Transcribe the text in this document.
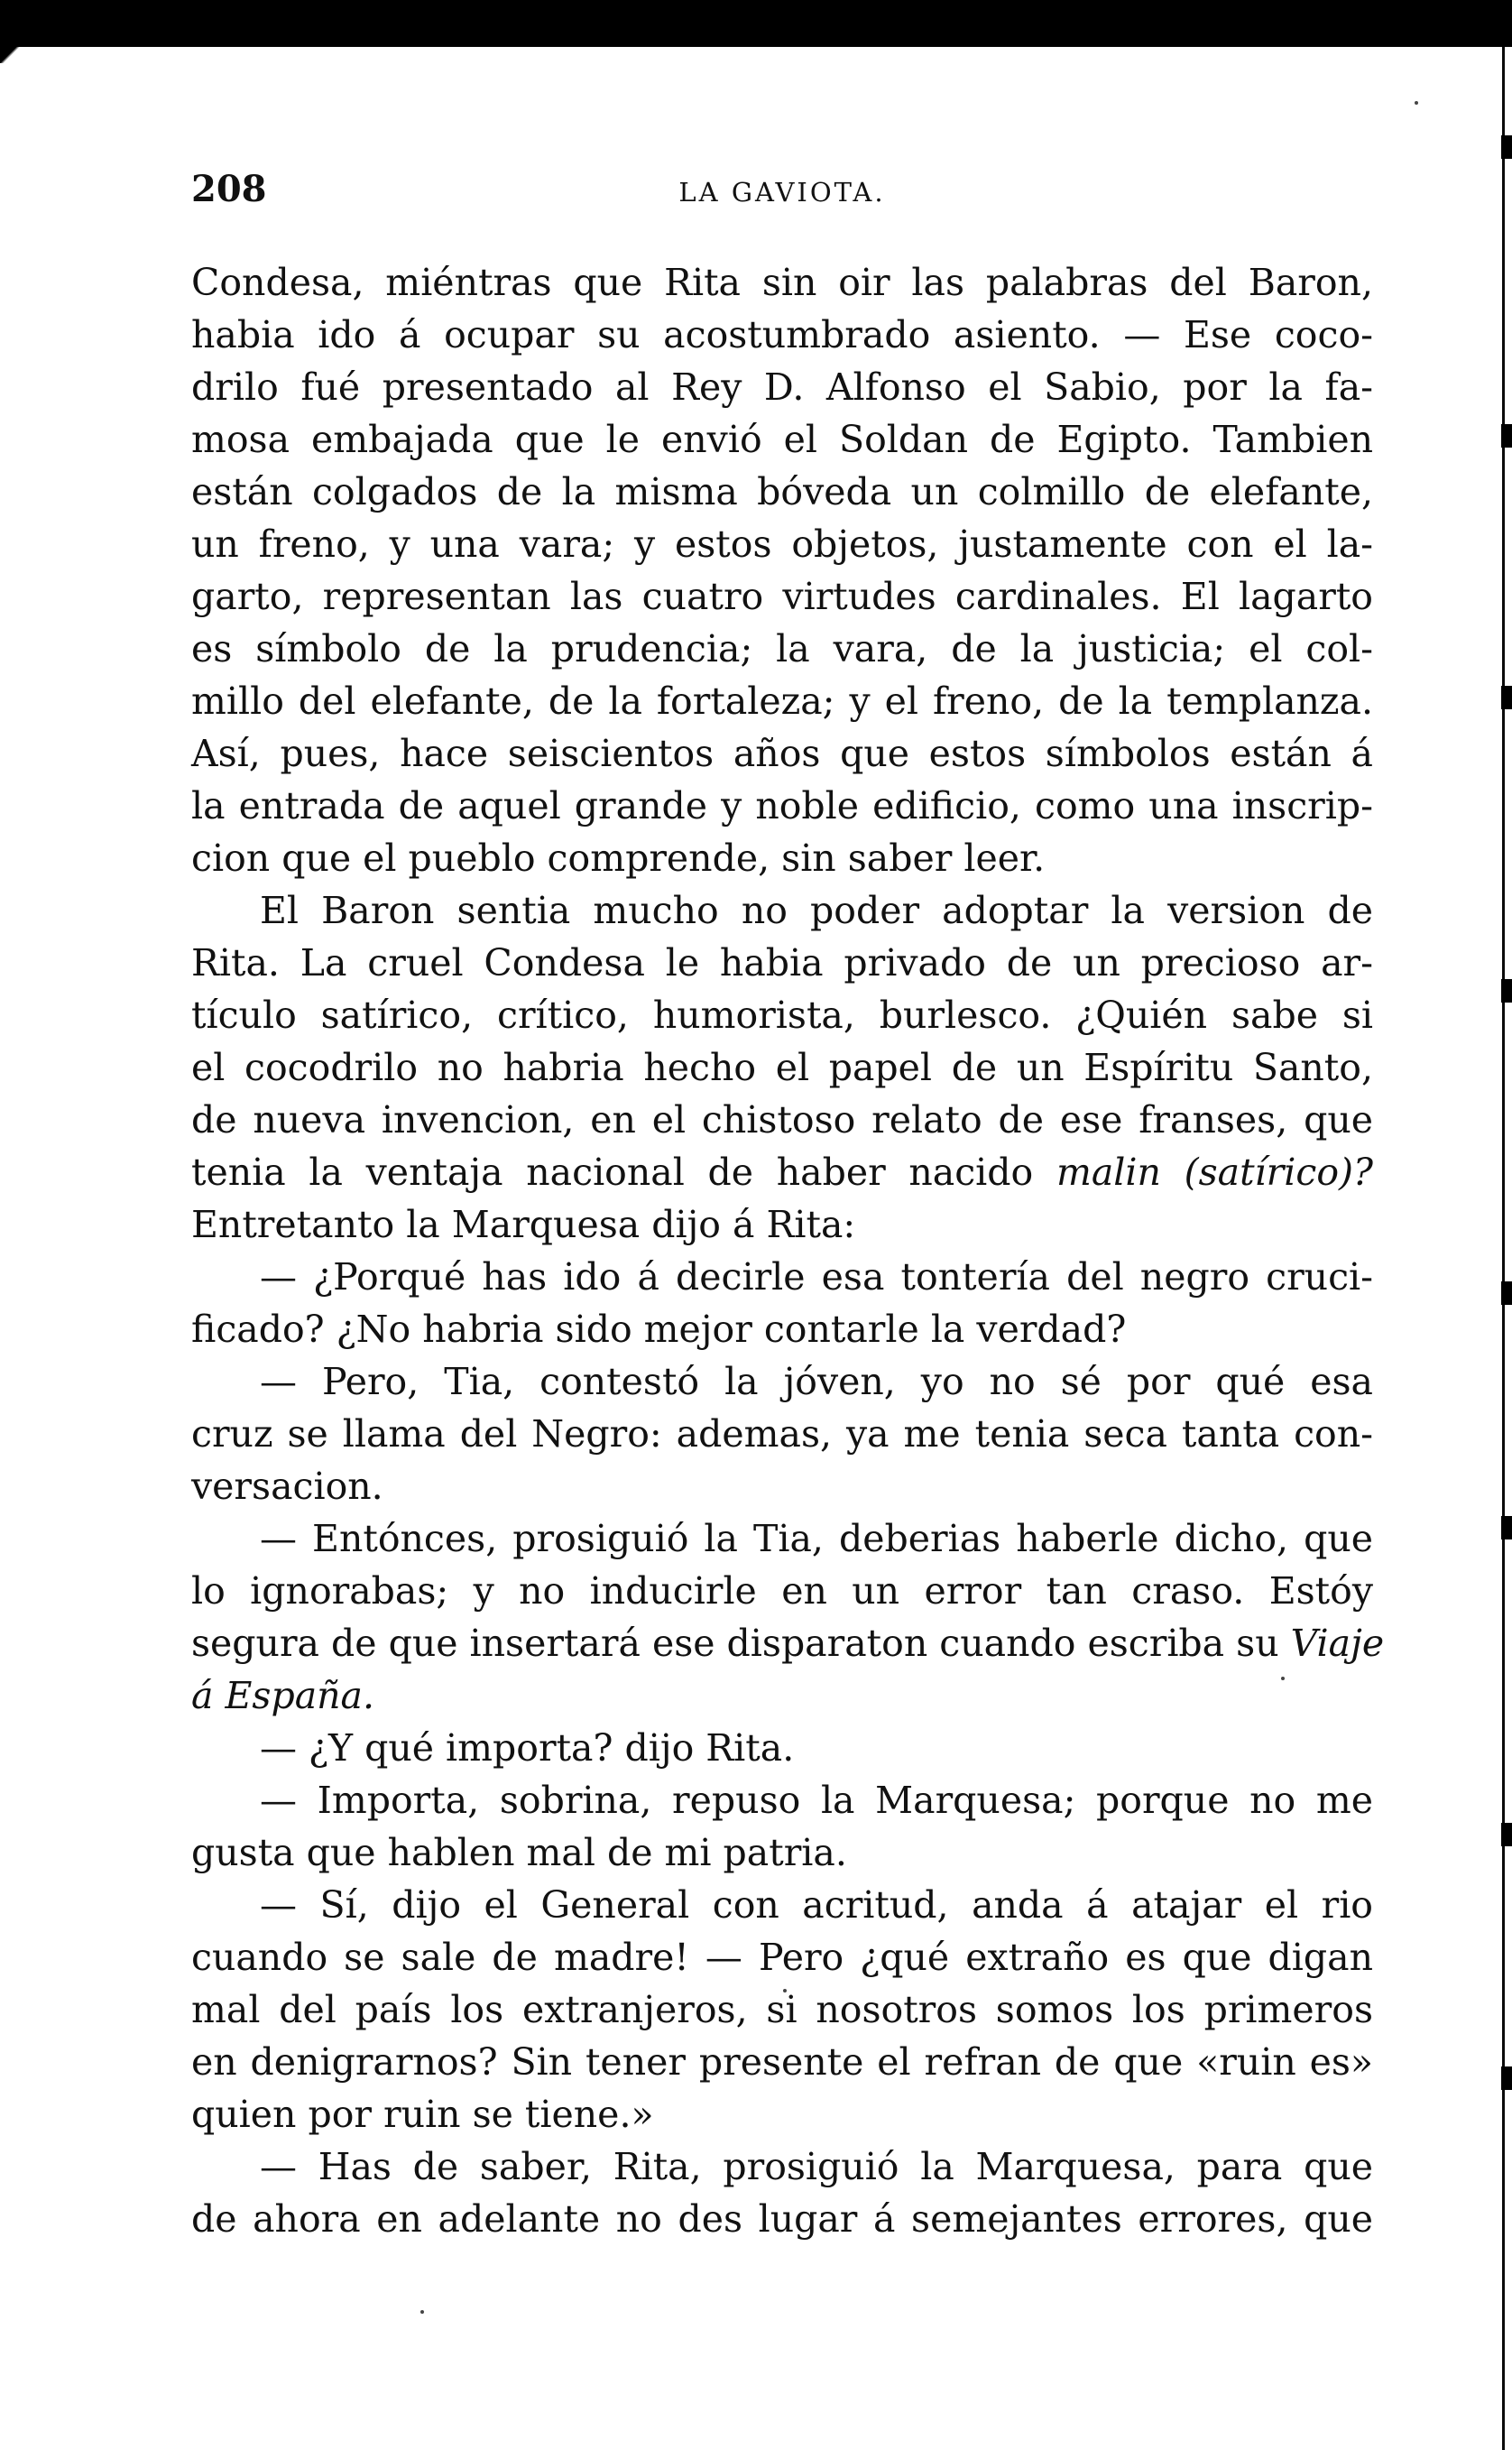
208	LA GAVIOTA.
Condesa, miéntras que Rita sin oir las palabras del Baron,
habia ido á ocupar su acostumbrado asiento. — Ese coco-
drilo fué presentado al Rey D. Alfonso el Sabio, por la fa-
mosa embajada que le envió el Soldan de Egipto. Tambien
están colgados de la misma bóveda un colmillo de elefante,
un freno, y una vara; y estos objetos, justamente con el la-
garto, representan las cuatro virtudes cardinales. El lagarto
es símbolo de la prudencia; la vara, de la justicia; el col-
millo del elefante, de la fortaleza; y el freno, de la templanza.
Así, pues, hace seiscientos años que estos símbolos están á
la entrada de aquel grande y noble edificio, como una inscrip-
cion que el pueblo comprende, sin saber leer.
El Baron sentia mucho no poder adoptar la version de
Rita. La cruel Condesa le habia privado de un precioso ar-
tículo satírico, crítico, humorista, burlesco. ¿Quién sabe si
el cocodrilo no habria hecho el papel de un Espíritu Santo,
de nueva invencion, en el chistoso relato de ese franses, que
tenia la ventaja nacional de haber nacido malin (satírico)?
Entretanto la Marquesa dijo á Rita:
— ¿Porqué has ido á decirle esa tontería del negro cruci-
ficado? ¿No habria sido mejor contarle la verdad?
— Pero, Tia, contestó la jóven, yo no sé por qué esa
cruz se llama del Negro: ademas, ya me tenia seca tanta con-
versacion.
— Entónces, prosiguió la Tia, deberias haberle dicho, que
lo ignorabas; y no inducirle en un error tan craso. Estóy
segura de que insertará ese disparaton cuando escriba su Viaje
á España.
— ¿Y qué importa? dijo Rita.
— Importa, sobrina, repuso la Marquesa; porque no me
gusta que hablen mal de mi patria.
— Sí, dijo el General con acritud, anda á atajar el rio
cuando se sale de madre! — Pero ¿qué extraño es que digan
mal del país los extranjeros, si nosotros somos los primeros
en denigrarnos? Sin tener presente el refran de que «ruin es»
quien por ruin se tiene.»
— Has de saber, Rita, prosiguió la Marquesa, para que
de ahora en adelante no des lugar á semejantes errores, que
